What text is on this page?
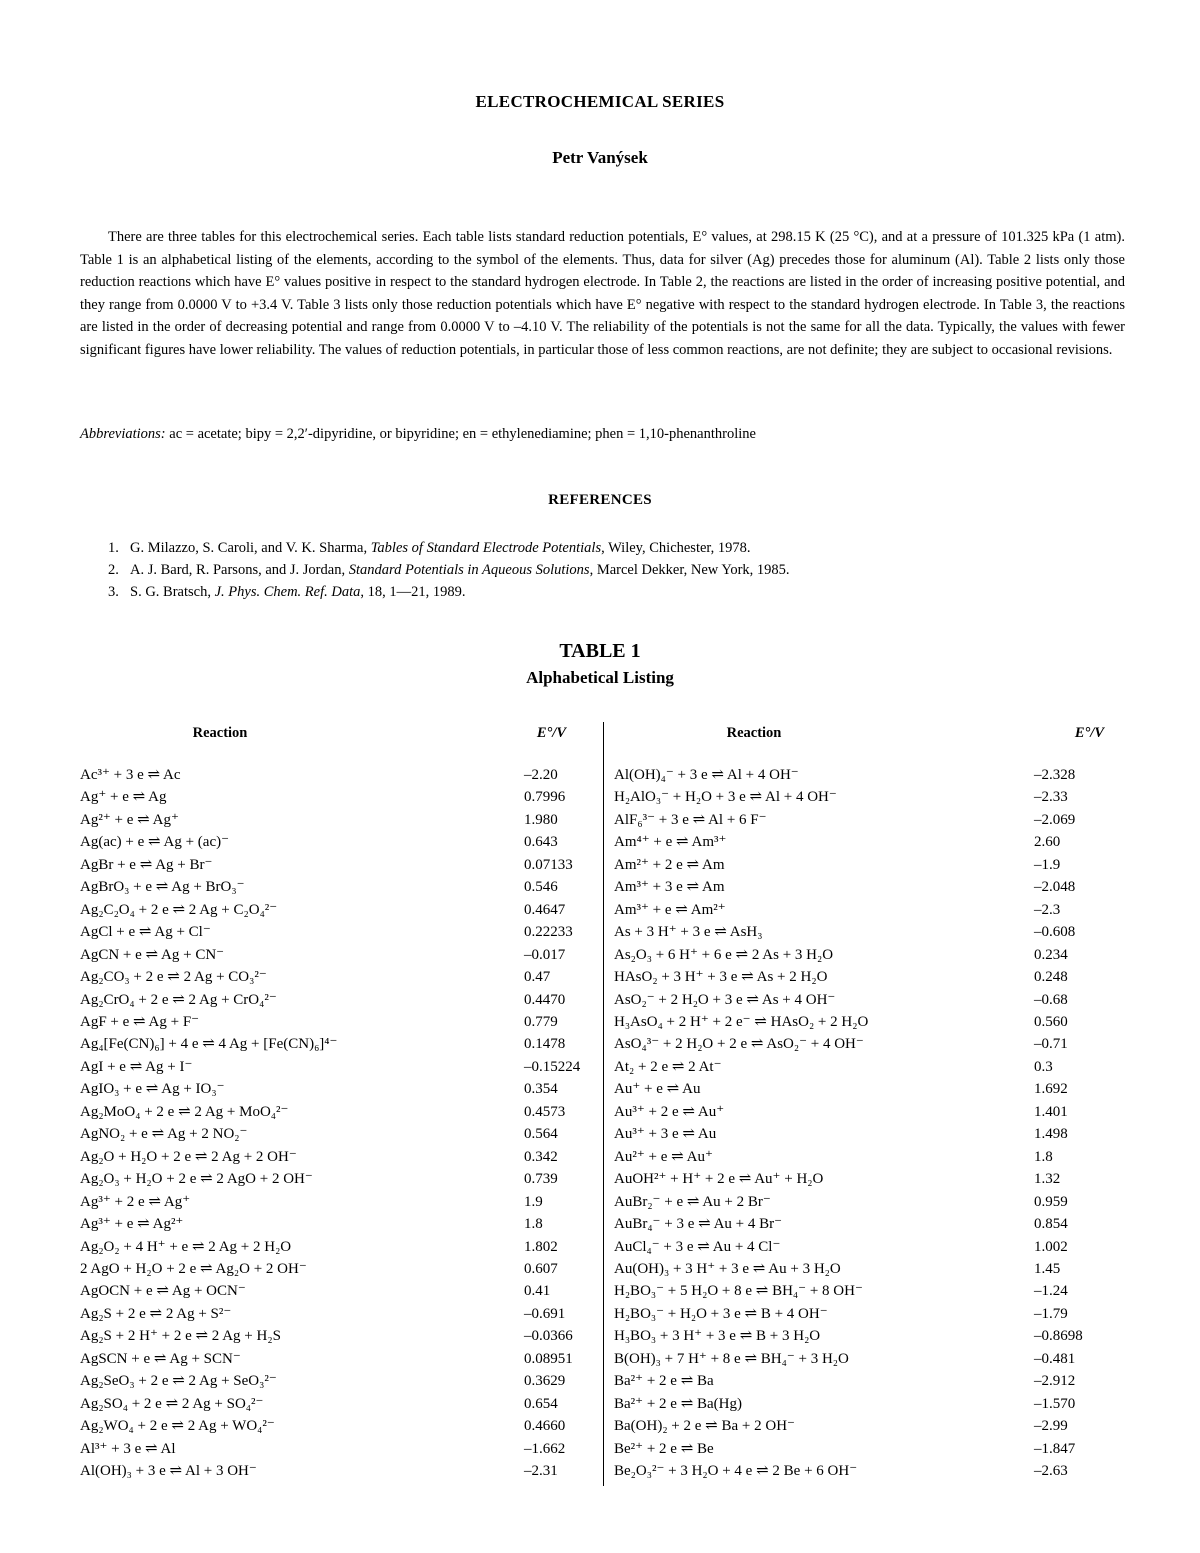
ELECTROCHEMICAL SERIES
Petr Vanýsek

There are three tables for this electrochemical series. Each table lists standard reduction potentials, E° values, at 298.15 K (25 °C), and at a pressure of 101.325 kPa (1 atm). Table 1 is an alphabetical listing of the elements, according to the symbol of the elements. Thus, data for silver (Ag) precedes those for aluminum (Al). Table 2 lists only those reduction reactions which have E° values positive in respect to the standard hydrogen electrode. In Table 2, the reactions are listed in the order of increasing positive potential, and they range from 0.0000 V to +3.4 V. Table 3 lists only those reduction potentials which have E° negative with respect to the standard hydrogen electrode. In Table 3, the reactions are listed in the order of decreasing potential and range from 0.0000 V to –4.10 V. The reliability of the potentials is not the same for all the data. Typically, the values with fewer significant figures have lower reliability. The values of reduction potentials, in particular those of less common reactions, are not definite; they are subject to occasional revisions.

Abbreviations: ac = acetate; bipy = 2,2′-dipyridine, or bipyridine; en = ethylenediamine; phen = 1,10-phenanthroline

REFERENCES
1. G. Milazzo, S. Caroli, and V. K. Sharma, Tables of Standard Electrode Potentials, Wiley, Chichester, 1978.
2. A. J. Bard, R. Parsons, and J. Jordan, Standard Potentials in Aqueous Solutions, Marcel Dekker, New York, 1985.
3. S. G. Bratsch, J. Phys. Chem. Ref. Data, 18, 1—21, 1989.
TABLE 1
Alphabetical Listing
Reaction	E°/V
Ac³⁺ + 3 e ⇌ Ac	–2.20
Ag⁺ + e ⇌ Ag	0.7996
Ag²⁺ + e ⇌ Ag⁺	1.980
Ag(ac) + e ⇌ Ag + (ac)⁻	0.643
AgBr + e ⇌ Ag + Br⁻	0.07133
AgBrO₃ + e ⇌ Ag + BrO₃⁻	0.546
Ag₂C₂O₄ + 2 e ⇌ 2 Ag + C₂O₄²⁻	0.4647
AgCl + e ⇌ Ag + Cl⁻	0.22233
AgCN + e ⇌ Ag + CN⁻	–0.017
Ag₂CO₃ + 2 e ⇌ 2 Ag + CO₃²⁻	0.47
Ag₂CrO₄ + 2 e ⇌ 2 Ag + CrO₄²⁻	0.4470
AgF + e ⇌ Ag + F⁻	0.779
Ag₄[Fe(CN)₆] + 4 e ⇌ 4 Ag + [Fe(CN)₆]⁴⁻	0.1478
AgI + e ⇌ Ag + I⁻	–0.15224
AgIO₃ + e ⇌ Ag + IO₃⁻	0.354
Ag₂MoO₄ + 2 e ⇌ 2 Ag + MoO₄²⁻	0.4573
AgNO₂ + e ⇌ Ag + 2 NO₂⁻	0.564
Ag₂O + H₂O + 2 e ⇌ 2 Ag + 2 OH⁻	0.342
Ag₂O₃ + H₂O + 2 e ⇌ 2 AgO + 2 OH⁻	0.739
Ag³⁺ + 2 e ⇌ Ag⁺	1.9
Ag³⁺ + e ⇌ Ag²⁺	1.8
Ag₂O₂ + 4 H⁺ + e ⇌ 2 Ag + 2 H₂O	1.802
2 AgO + H₂O + 2 e ⇌ Ag₂O + 2 OH⁻	0.607
AgOCN + e ⇌ Ag + OCN⁻	0.41
Ag₂S + 2 e ⇌ 2 Ag + S²⁻	–0.691
Ag₂S + 2 H⁺ + 2 e ⇌ 2 Ag + H₂S	–0.0366
AgSCN + e ⇌ Ag + SCN⁻	0.08951
Ag₂SeO₃ + 2 e ⇌ 2 Ag + SeO₃²⁻	0.3629
Ag₂SO₄ + 2 e ⇌ 2 Ag + SO₄²⁻	0.654
Ag₂WO₄ + 2 e ⇌ 2 Ag + WO₄²⁻	0.4660
Al³⁺ + 3 e ⇌ Al	–1.662
Al(OH)₃ + 3 e ⇌ Al + 3 OH⁻	–2.31
Reaction	E°/V
Al(OH)₄⁻ + 3 e ⇌ Al + 4 OH⁻	–2.328
H₂AlO₃⁻ + H₂O + 3 e ⇌ Al + 4 OH⁻	–2.33
AlF₆³⁻ + 3 e ⇌ Al + 6 F⁻	–2.069
Am⁴⁺ + e ⇌ Am³⁺	2.60
Am²⁺ + 2 e ⇌ Am	–1.9
Am³⁺ + 3 e ⇌ Am	–2.048
Am³⁺ + e ⇌ Am²⁺	–2.3
As + 3 H⁺ + 3 e ⇌ AsH₃	–0.608
As₂O₃ + 6 H⁺ + 6 e ⇌ 2 As + 3 H₂O	0.234
HAsO₂ + 3 H⁺ + 3 e ⇌ As + 2 H₂O	0.248
AsO₂⁻ + 2 H₂O + 3 e ⇌ As + 4 OH⁻	–0.68
H₃AsO₄ + 2 H⁺ + 2 e⁻ ⇌ HAsO₂ + 2 H₂O	0.560
AsO₄³⁻ + 2 H₂O + 2 e ⇌ AsO₂⁻ + 4 OH⁻	–0.71
At₂ + 2 e ⇌ 2 At⁻	0.3
Au⁺ + e ⇌ Au	1.692
Au³⁺ + 2 e ⇌ Au⁺	1.401
Au³⁺ + 3 e ⇌ Au	1.498
Au²⁺ + e ⇌ Au⁺	1.8
AuOH²⁺ + H⁺ + 2 e ⇌ Au⁺ + H₂O	1.32
AuBr₂⁻ + e ⇌ Au + 2 Br⁻	0.959
AuBr₄⁻ + 3 e ⇌ Au + 4 Br⁻	0.854
AuCl₄⁻ + 3 e ⇌ Au + 4 Cl⁻	1.002
Au(OH)₃ + 3 H⁺ + 3 e ⇌ Au + 3 H₂O	1.45
H₂BO₃⁻ + 5 H₂O + 8 e ⇌ BH₄⁻ + 8 OH⁻	–1.24
H₂BO₃⁻ + H₂O + 3 e ⇌ B + 4 OH⁻	–1.79
H₃BO₃ + 3 H⁺ + 3 e ⇌ B + 3 H₂O	–0.8698
B(OH)₃ + 7 H⁺ + 8 e ⇌ BH₄⁻ + 3 H₂O	–0.481
Ba²⁺ + 2 e ⇌ Ba	–2.912
Ba²⁺ + 2 e ⇌ Ba(Hg)	–1.570
Ba(OH)₂ + 2 e ⇌ Ba + 2 OH⁻	–2.99
Be²⁺ + 2 e ⇌ Be	–1.847
Be₂O₃²⁻ + 3 H₂O + 4 e ⇌ 2 Be + 6 OH⁻	–2.63
